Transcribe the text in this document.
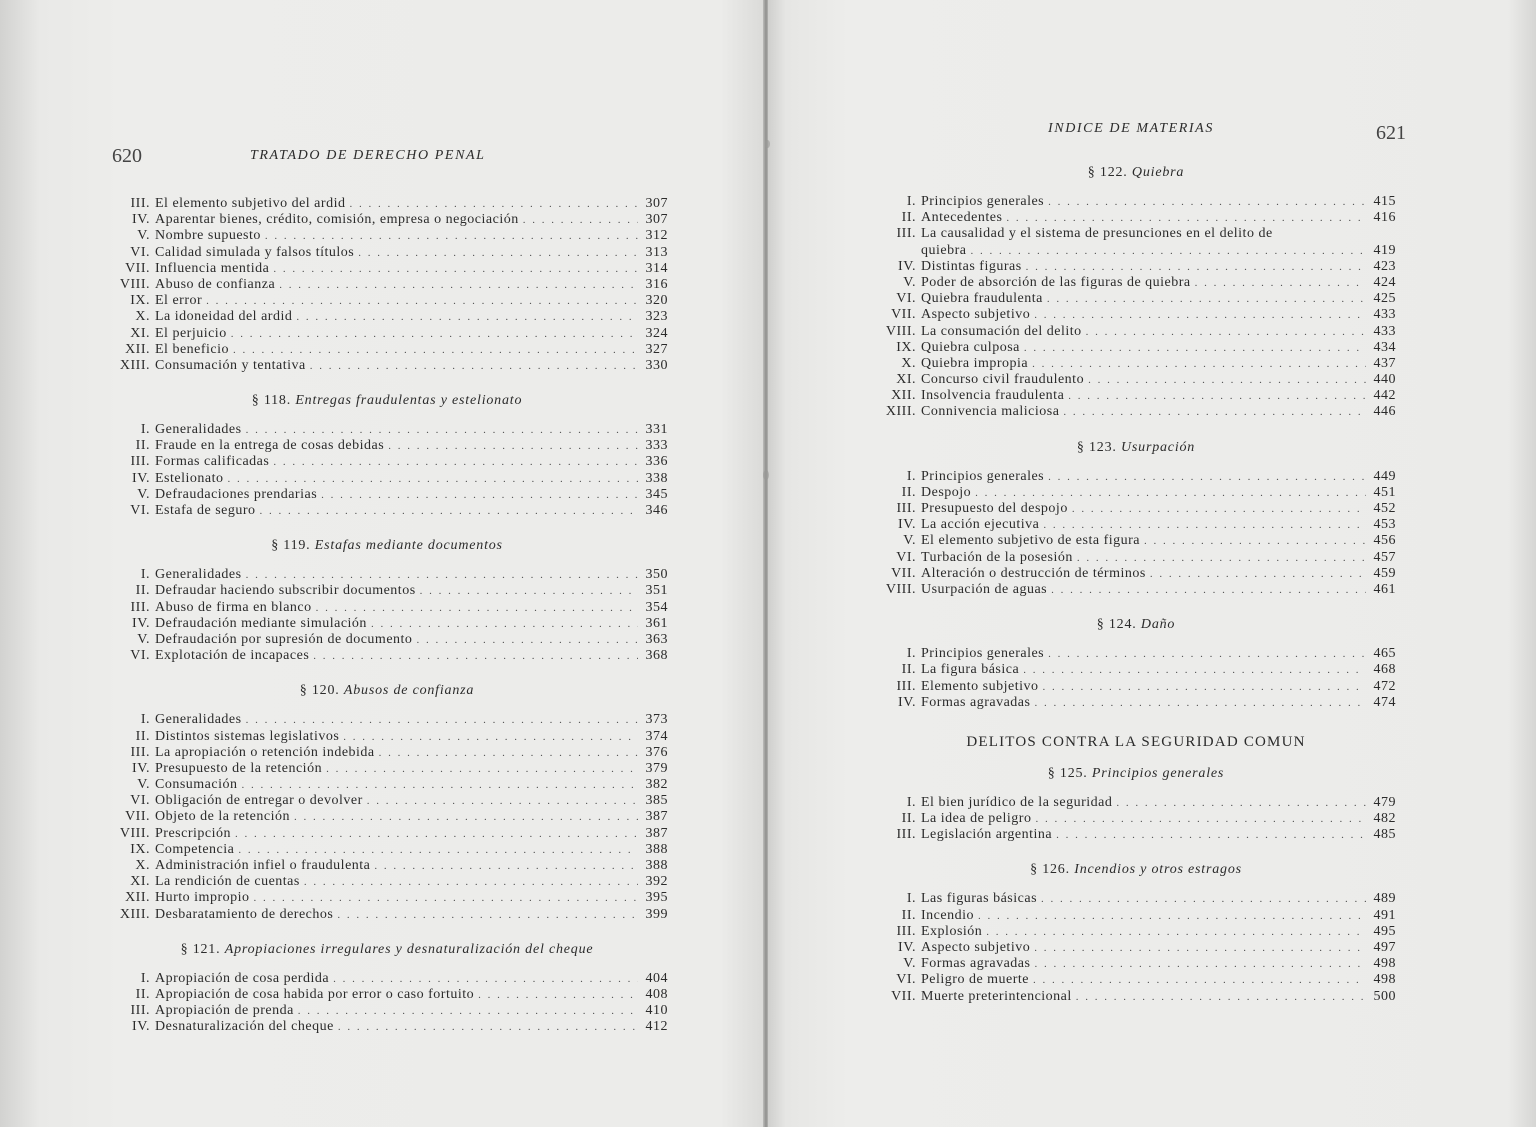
620	TRATADO DE DERECHO PENAL
III. El elemento subjetivo del ardid . . .	307
IV. Aparentar bienes, crédito, comisión, empresa o negociación . . .	307
V. Nombre supuesto . . .	312
VI. Calidad simulada y falsos títulos . . .	313
VII. Influencia mentida . . .	314
VIII. Abuso de confianza . . .	316
IX. El error . . .	320
X. La idoneidad del ardid . . .	323
XI. El perjuicio . . .	324
XII. El beneficio . . .	327
XIII. Consumación y tentativa . . .	330
§ 118. Entregas fraudulentas y estelionato
I. Generalidades . . .	331
II. Fraude en la entrega de cosas debidas . . .	333
III. Formas calificadas . . .	336
IV. Estelionato . . .	338
V. Defraudaciones prendarias . . .	345
VI. Estafa de seguro . . .	346
§ 119. Estafas mediante documentos
I. Generalidades . . .	350
II. Defraudar haciendo subscribir documentos . . .	351
III. Abuso de firma en blanco . . .	354
IV. Defraudación mediante simulación . . .	361
V. Defraudación por supresión de documento . . .	363
VI. Explotación de incapaces . . .	368
§ 120. Abusos de confianza
I. Generalidades . . .	373
II. Distintos sistemas legislativos . . .	374
III. La apropiación o retención indebida . . .	376
IV. Presupuesto de la retención . . .	379
V. Consumación . . .	382
VI. Obligación de entregar o devolver . . .	385
VII. Objeto de la retención . . .	387
VIII. Prescripción . . .	387
IX. Competencia . . .	388
X. Administración infiel o fraudulenta . . .	388
XI. La rendición de cuentas . . .	392
XII. Hurto impropio . . .	395
XIII. Desbaratamiento de derechos . . .	399
§ 121. Apropiaciones irregulares y desnaturalización del cheque
I. Apropiación de cosa perdida . . .	404
II. Apropiación de cosa habida por error o caso fortuito . . .	408
III. Apropiación de prenda . . .	410
IV. Desnaturalización del cheque . . .	412
INDICE DE MATERIAS	621
§ 122. Quiebra
I. Principios generales . . .	415
II. Antecedentes . . .	416
III. La causalidad y el sistema de presunciones en el delito de
quiebra . . .	419
IV. Distintas figuras . . .	423
V. Poder de absorción de las figuras de quiebra . . .	424
VI. Quiebra fraudulenta . . .	425
VII. Aspecto subjetivo . . .	433
VIII. La consumación del delito . . .	433
IX. Quiebra culposa . . .	434
X. Quiebra impropia . . .	437
XI. Concurso civil fraudulento . . .	440
XII. Insolvencia fraudulenta . . .	442
XIII. Connivencia maliciosa . . .	446
§ 123. Usurpación
I. Principios generales . . .	449
II. Despojo . . .	451
III. Presupuesto del despojo . . .	452
IV. La acción ejecutiva . . .	453
V. El elemento subjetivo de esta figura . . .	456
VI. Turbación de la posesión . . .	457
VII. Alteración o destrucción de términos . . .	459
VIII. Usurpación de aguas . . .	461
§ 124. Daño
I. Principios generales . . .	465
II. La figura básica . . .	468
III. Elemento subjetivo . . .	472
IV. Formas agravadas . . .	474
DELITOS CONTRA LA SEGURIDAD COMUN
§ 125. Principios generales
I. El bien jurídico de la seguridad . . .	479
II. La idea de peligro . . .	482
III. Legislación argentina . . .	485
§ 126. Incendios y otros estragos
I. Las figuras básicas . . .	489
II. Incendio . . .	491
III. Explosión . . .	495
IV. Aspecto subjetivo . . .	497
V. Formas agravadas . . .	498
VI. Peligro de muerte . . .	498
VII. Muerte preterintencional . . .	500
